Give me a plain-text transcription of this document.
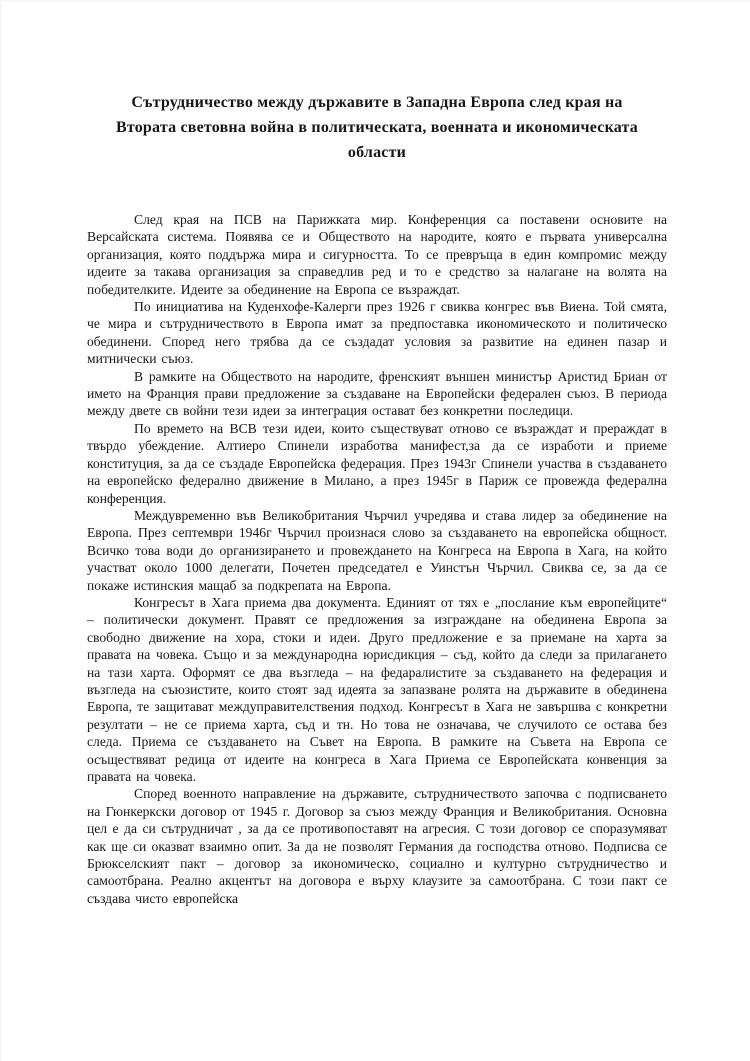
Сътрудничество между държавите в Западна Европа след края на Втората световна война в политическата, военната и икономическата области

След края на ПСВ на Парижката мир. Конференция са поставени основите на Версайската система. Появява се и Обществото на народите, която е първата универсална организация, която поддържа мира и сигурността. То се превръща в един компромис между идеите за такава организация за справедлив ред и то е средство за налагане на волята на победителките. Идеите за обединение на Европа се възраждат.

По инициатива на Куденхофе-Калерги през 1926 г свиква конгрес във Виена. Той смята, че мира и сътрудничеството в Европа имат за предпоставка икономическото и политическо обединени. Според него трябва да се създадат условия за развитие на единен пазар и митнически съюз.

В рамките на Обществото на народите, френският външен министър Аристид Бриан от името на Франция прави предложение за създаване на Европейски федерален съюз. В периода между двете св войни тези идеи за интеграция остават без конкретни последици.

По времето на ВСВ тези идеи, които съществуват отново се възраждат и прераждат в твърдо убеждение. Алтиеро Спинели изработва манифест,за да се изработи и приеме конституция, за да се създаде Европейска федерация. През 1943г Спинели участва в създаването на европейско федерално движение в Милано, а през 1945г в Париж се провежда федерална конференция.

Междувременно във Великобритания Чърчил учредява и става лидер за обединение на Европа. През септември 1946г Чърчил произнася слово за създаването на европейска общност. Всичко това води до организирането и провеждането на Конгреса на Европа в Хага, на който участват около 1000 делегати, Почетен председател е Уинстън Чърчил. Свиква се, за да се покаже истинския мащаб за подкрепата на Европа.

Конгресът в Хага приема два документа. Единият от тях е „послание към европейците“ – политически документ. Правят се предложения за изграждане на обединена Европа за свободно движение на хора, стоки и идеи. Друго предложение е за приемане на харта за правата на човека. Също и за международна юрисдикция – съд, който да следи за прилагането на тази харта. Оформят се два възгледа – на федаралистите за създаването на федерация и възгледа на съюзистите, които стоят зад идеята за запазване ролята на държавите в обединена Европа, те защитават междуправителствения подход. Конгресът в Хага не завършва с конкретни резултати – не се приема харта, съд и тн. Но това не означава, че случилото се остава без следа. Приема се създаването на Съвет на Европа. В рамките на Съвета на Европа се осъществяват редица от идеите на конгреса в Хага Приема се Европейската конвенция за правата на човека.

Според военното направление на държавите, сътрудничеството започва с подписването на Гюнкеркски договор от 1945 г. Договор за съюз между Франция и Великобритания. Основна цел е да си сътрудничат , за да се противопоставят на агресия. С този договор се споразумяват как ще си оказват взаимно опит. За да не позволят Германия да господства отново. Подписва се Брюкселският пакт – договор за икономическо, социално и културно сътрудничество и самоотбрана. Реално акцентът на договора е върху клаузите за самоотбрана. С този пакт се създава чисто европейска
